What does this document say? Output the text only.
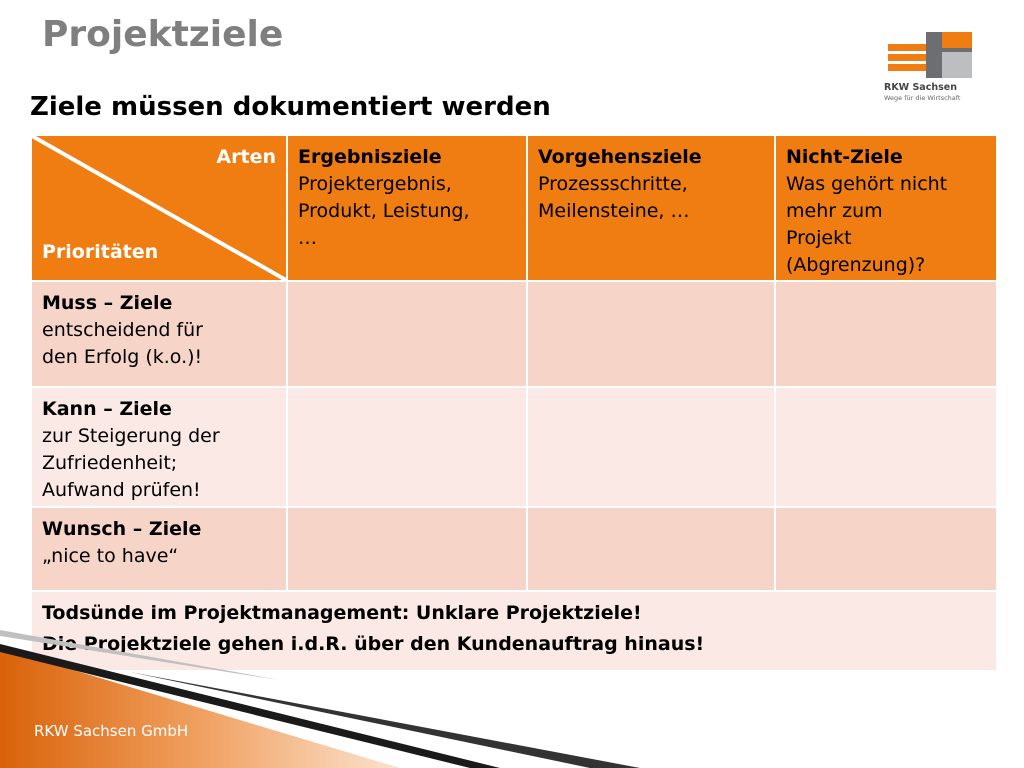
Projektziele
Ziele müssen dokumentiert werden
RKW Sachsen
Wege für die Wirtschaft
Arten
Prioritäten
Ergebnisziele
Projektergebnis,
Produkt, Leistung,
…
Vorgehensziele
Prozessschritte,
Meilensteine, …
Nicht-Ziele
Was gehört nicht
mehr zum
Projekt
(Abgrenzung)?
Muss – Ziele
entscheidend für
den Erfolg (k.o.)!
Kann – Ziele
zur Steigerung der
Zufriedenheit;
Aufwand prüfen!
Wunsch – Ziele
„nice to have“
Todsünde im Projektmanagement: Unklare Projektziele!
Die Projektziele gehen i.d.R. über den Kundenauftrag hinaus!
RKW Sachsen GmbH
